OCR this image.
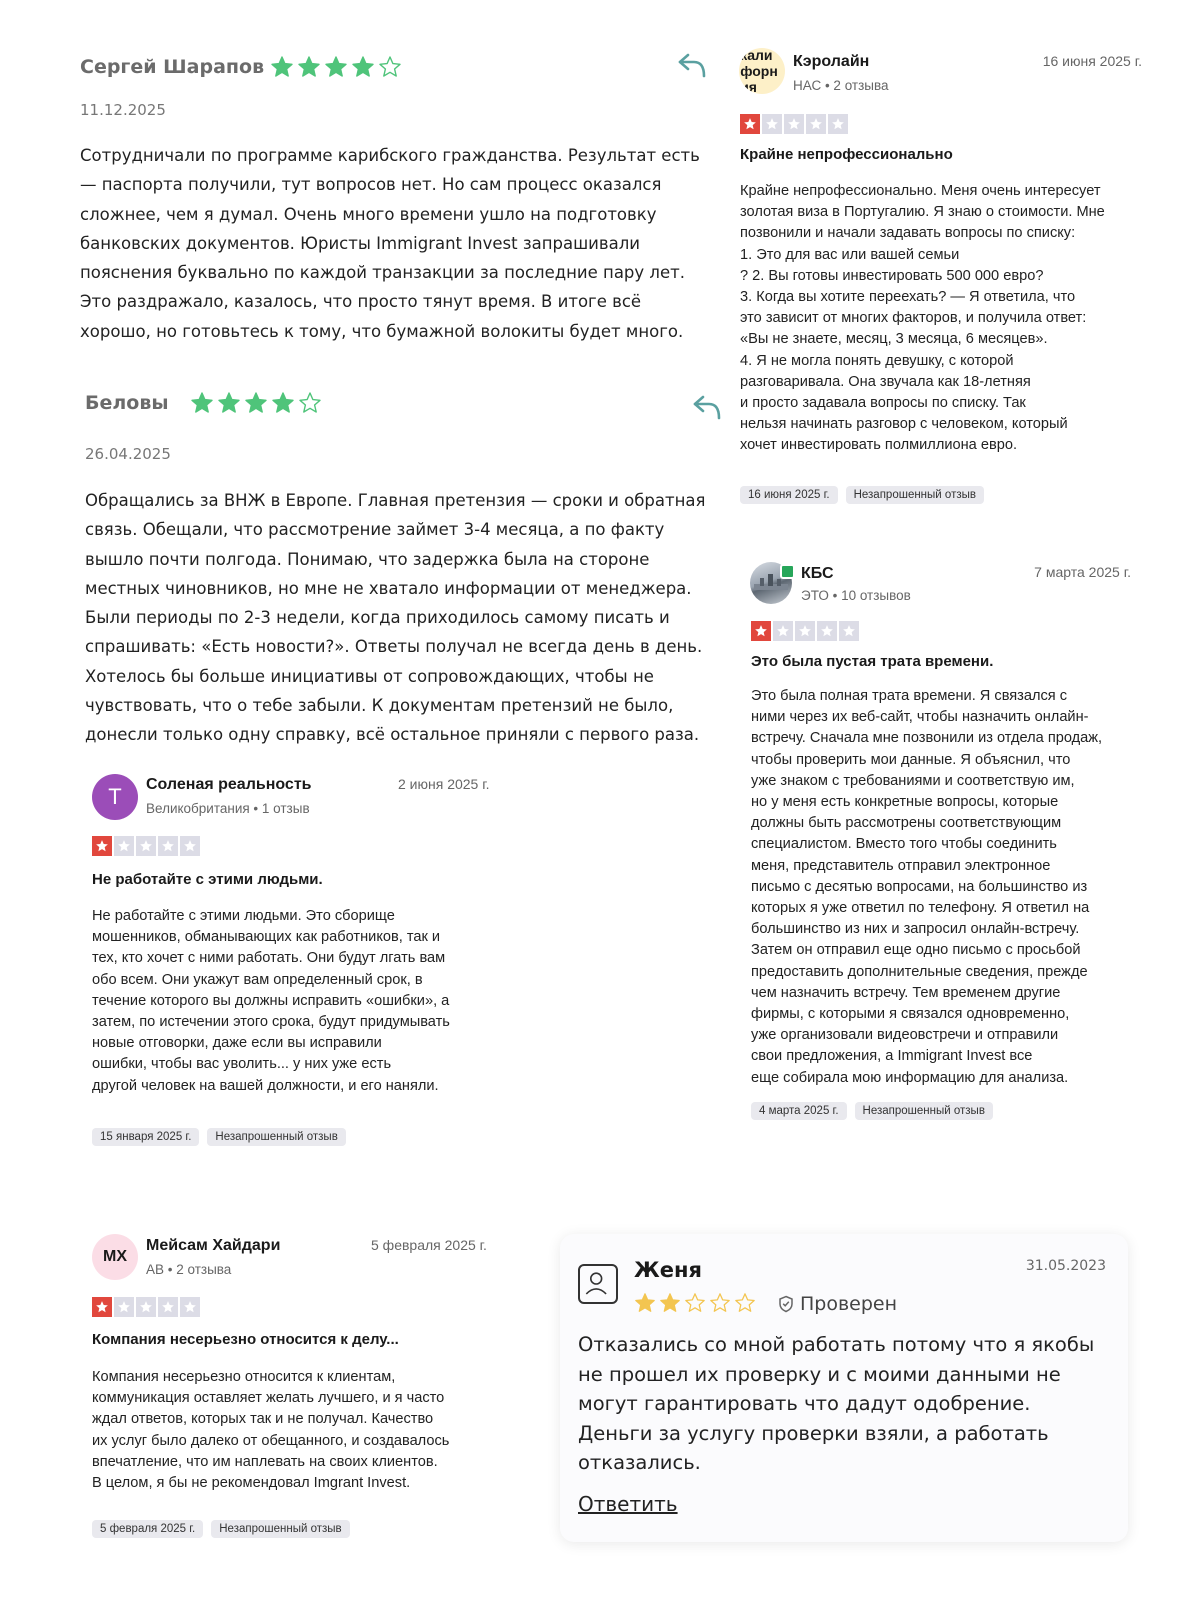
Сергей Шарапов
11.12.2025
Сотрудничали по программе карибского гражданства. Результат есть
— паспорта получили, тут вопросов нет. Но сам процесс оказался
сложнее, чем я думал. Очень много времени ушло на подготовку
банковских документов. Юристы Immigrant Invest запрашивали
пояснения буквально по каждой транзакции за последние пару лет.
Это раздражало, казалось, что просто тянут время. В итоге всё
хорошо, но готовьтесь к тому, что бумажной волокиты будет много.
Беловы
26.04.2025
Обращались за ВНЖ в Европе. Главная претензия — сроки и обратная
связь. Обещали, что рассмотрение займет 3-4 месяца, а по факту
вышло почти полгода. Понимаю, что задержка была на стороне
местных чиновников, но мне не хватало информации от менеджера.
Были периоды по 2-3 недели, когда приходилось самому писать и
спрашивать: «Есть новости?». Ответы получал не всегда день в день.
Хотелось бы больше инициативы от сопровождающих, чтобы не
чувствовать, что о тебе забыли. К документам претензий не было,
донесли только одну справку, всё остальное приняли с первого раза.
кали
форн
ия
Кэролайн
НАС • 2 отзыва
16 июня 2025 г.
Крайне непрофессионально
Крайне непрофессионально. Меня очень интересует
золотая виза в Португалию. Я знаю о стоимости. Мне
позвонили и начали задавать вопросы по списку:
1. Это для вас или вашей семьи
? 2. Вы готовы инвестировать 500 000 евро?
3. Когда вы хотите переехать? — Я ответила, что
это зависит от многих факторов, и получила ответ:
«Вы не знаете, месяц, 3 месяца, 6 месяцев».
4. Я не могла понять девушку, с которой
разговаривала. Она звучала как 18-летняя
и просто задавала вопросы по списку. Так
нельзя начинать разговор с человеком, который
хочет инвестировать полмиллиона евро.
16 июня 2025 г.	Незапрошенный отзыв
КБС
ЭТО • 10 отзывов
7 марта 2025 г.
Это была пустая трата времени.
Это была полная трата времени. Я связался с
ними через их веб-сайт, чтобы назначить онлайн-
встречу. Сначала мне позвонили из отдела продаж,
чтобы проверить мои данные. Я объяснил, что
уже знаком с требованиями и соответствую им,
но у меня есть конкретные вопросы, которые
должны быть рассмотрены соответствующим
специалистом. Вместо того чтобы соединить
меня, представитель отправил электронное
письмо с десятью вопросами, на большинство из
которых я уже ответил по телефону. Я ответил на
большинство из них и запросил онлайн-встречу.
Затем он отправил еще одно письмо с просьбой
предоставить дополнительные сведения, прежде
чем назначить встречу. Тем временем другие
фирмы, с которыми я связался одновременно,
уже организовали видеовстречи и отправили
свои предложения, а Immigrant Invest все
еще собирала мою информацию для анализа.
4 марта 2025 г.	Незапрошенный отзыв
Т Соленая реальность
Великобритания • 1 отзыв
2 июня 2025 г.
Не работайте с этими людьми.
Не работайте с этими людьми. Это сборище
мошенников, обманывающих как работников, так и
тех, кто хочет с ними работать. Они будут лгать вам
обо всем. Они укажут вам определенный срок, в
течение которого вы должны исправить «ошибки», а
затем, по истечении этого срока, будут придумывать
новые отговорки, даже если вы исправили
ошибки, чтобы вас уволить... у них уже есть
другой человек на вашей должности, и его наняли.
15 января 2025 г.	Незапрошенный отзыв
МХ
Мейсам Хайдари
АВ • 2 отзыва
5 февраля 2025 г.
Компания несерьезно относится к делу...
Компания несерьезно относится к клиентам,
коммуникация оставляет желать лучшего, и я часто
ждал ответов, которых так и не получал. Качество
их услуг было далеко от обещанного, и создавалось
впечатление, что им наплевать на своих клиентов.
В целом, я бы не рекомендовал Imgrant Invest.
5 февраля 2025 г.	Незапрошенный отзыв
Женя	31.05.2023
Проверен
Отказались со мной работать потому что я якобы
не прошел их проверку и с моими данными не
могут гарантировать что дадут одобрение.
Деньги за услугу проверки взяли, а работать
отказались.
Ответить
